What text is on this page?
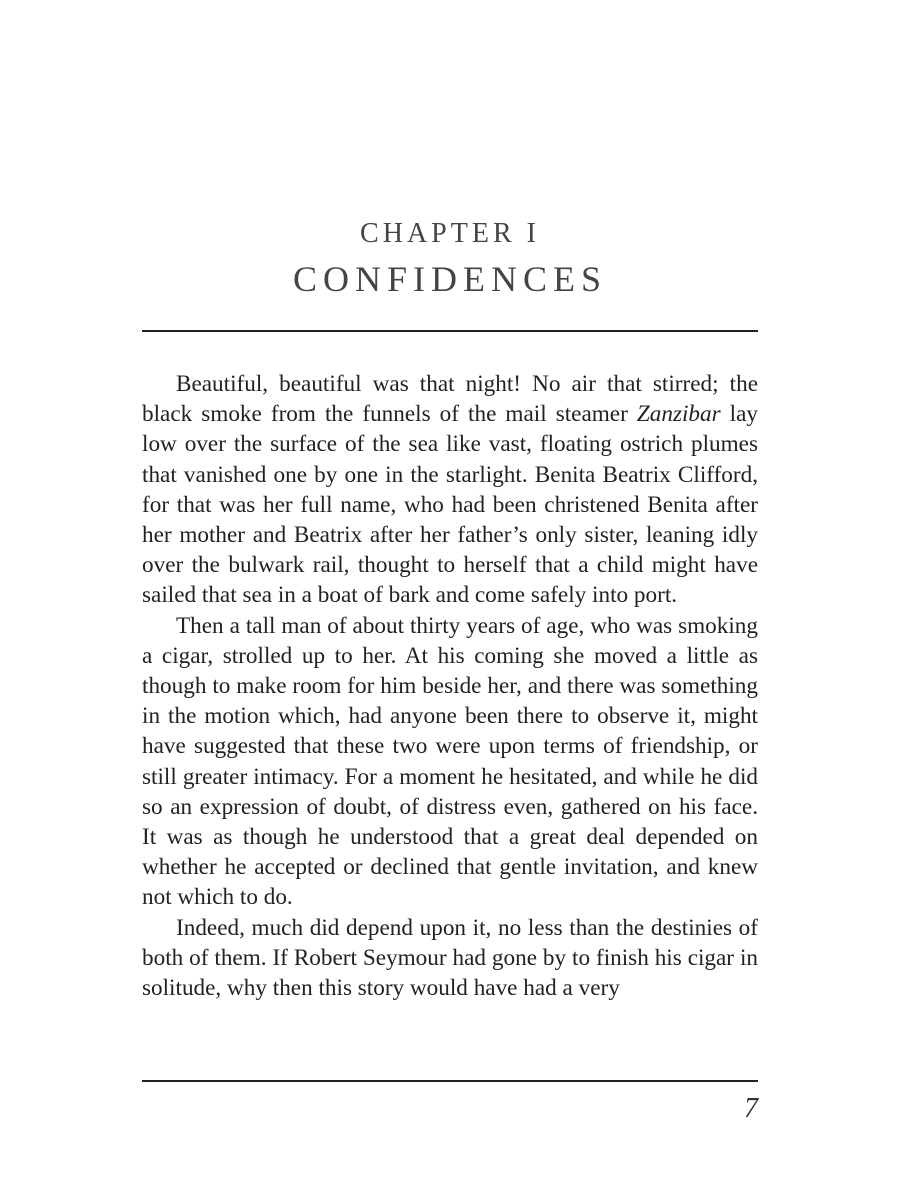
CHAPTER I
CONFIDENCES

Beautiful, beautiful was that night! No air that stirred; the black smoke from the funnels of the mail steamer Zanzibar lay low over the surface of the sea like vast, floating ostrich plumes that vanished one by one in the starlight. Benita Beatrix Clifford, for that was her full name, who had been christened Benita after her mother and Beatrix after her father’s only sister, leaning idly over the bulwark rail, thought to herself that a child might have sailed that sea in a boat of bark and come safely into port.

Then a tall man of about thirty years of age, who was smoking a cigar, strolled up to her. At his coming she moved a little as though to make room for him beside her, and there was something in the motion which, had anyone been there to observe it, might have suggested that these two were upon terms of friendship, or still greater intimacy. For a moment he hesitated, and while he did so an expression of doubt, of distress even, gathered on his face. It was as though he understood that a great deal depended on whether he accepted or declined that gentle invitation, and knew not which to do.

Indeed, much did depend upon it, no less than the destinies of both of them. If Robert Seymour had gone by to finish his cigar in solitude, why then this story would have had a very

7
